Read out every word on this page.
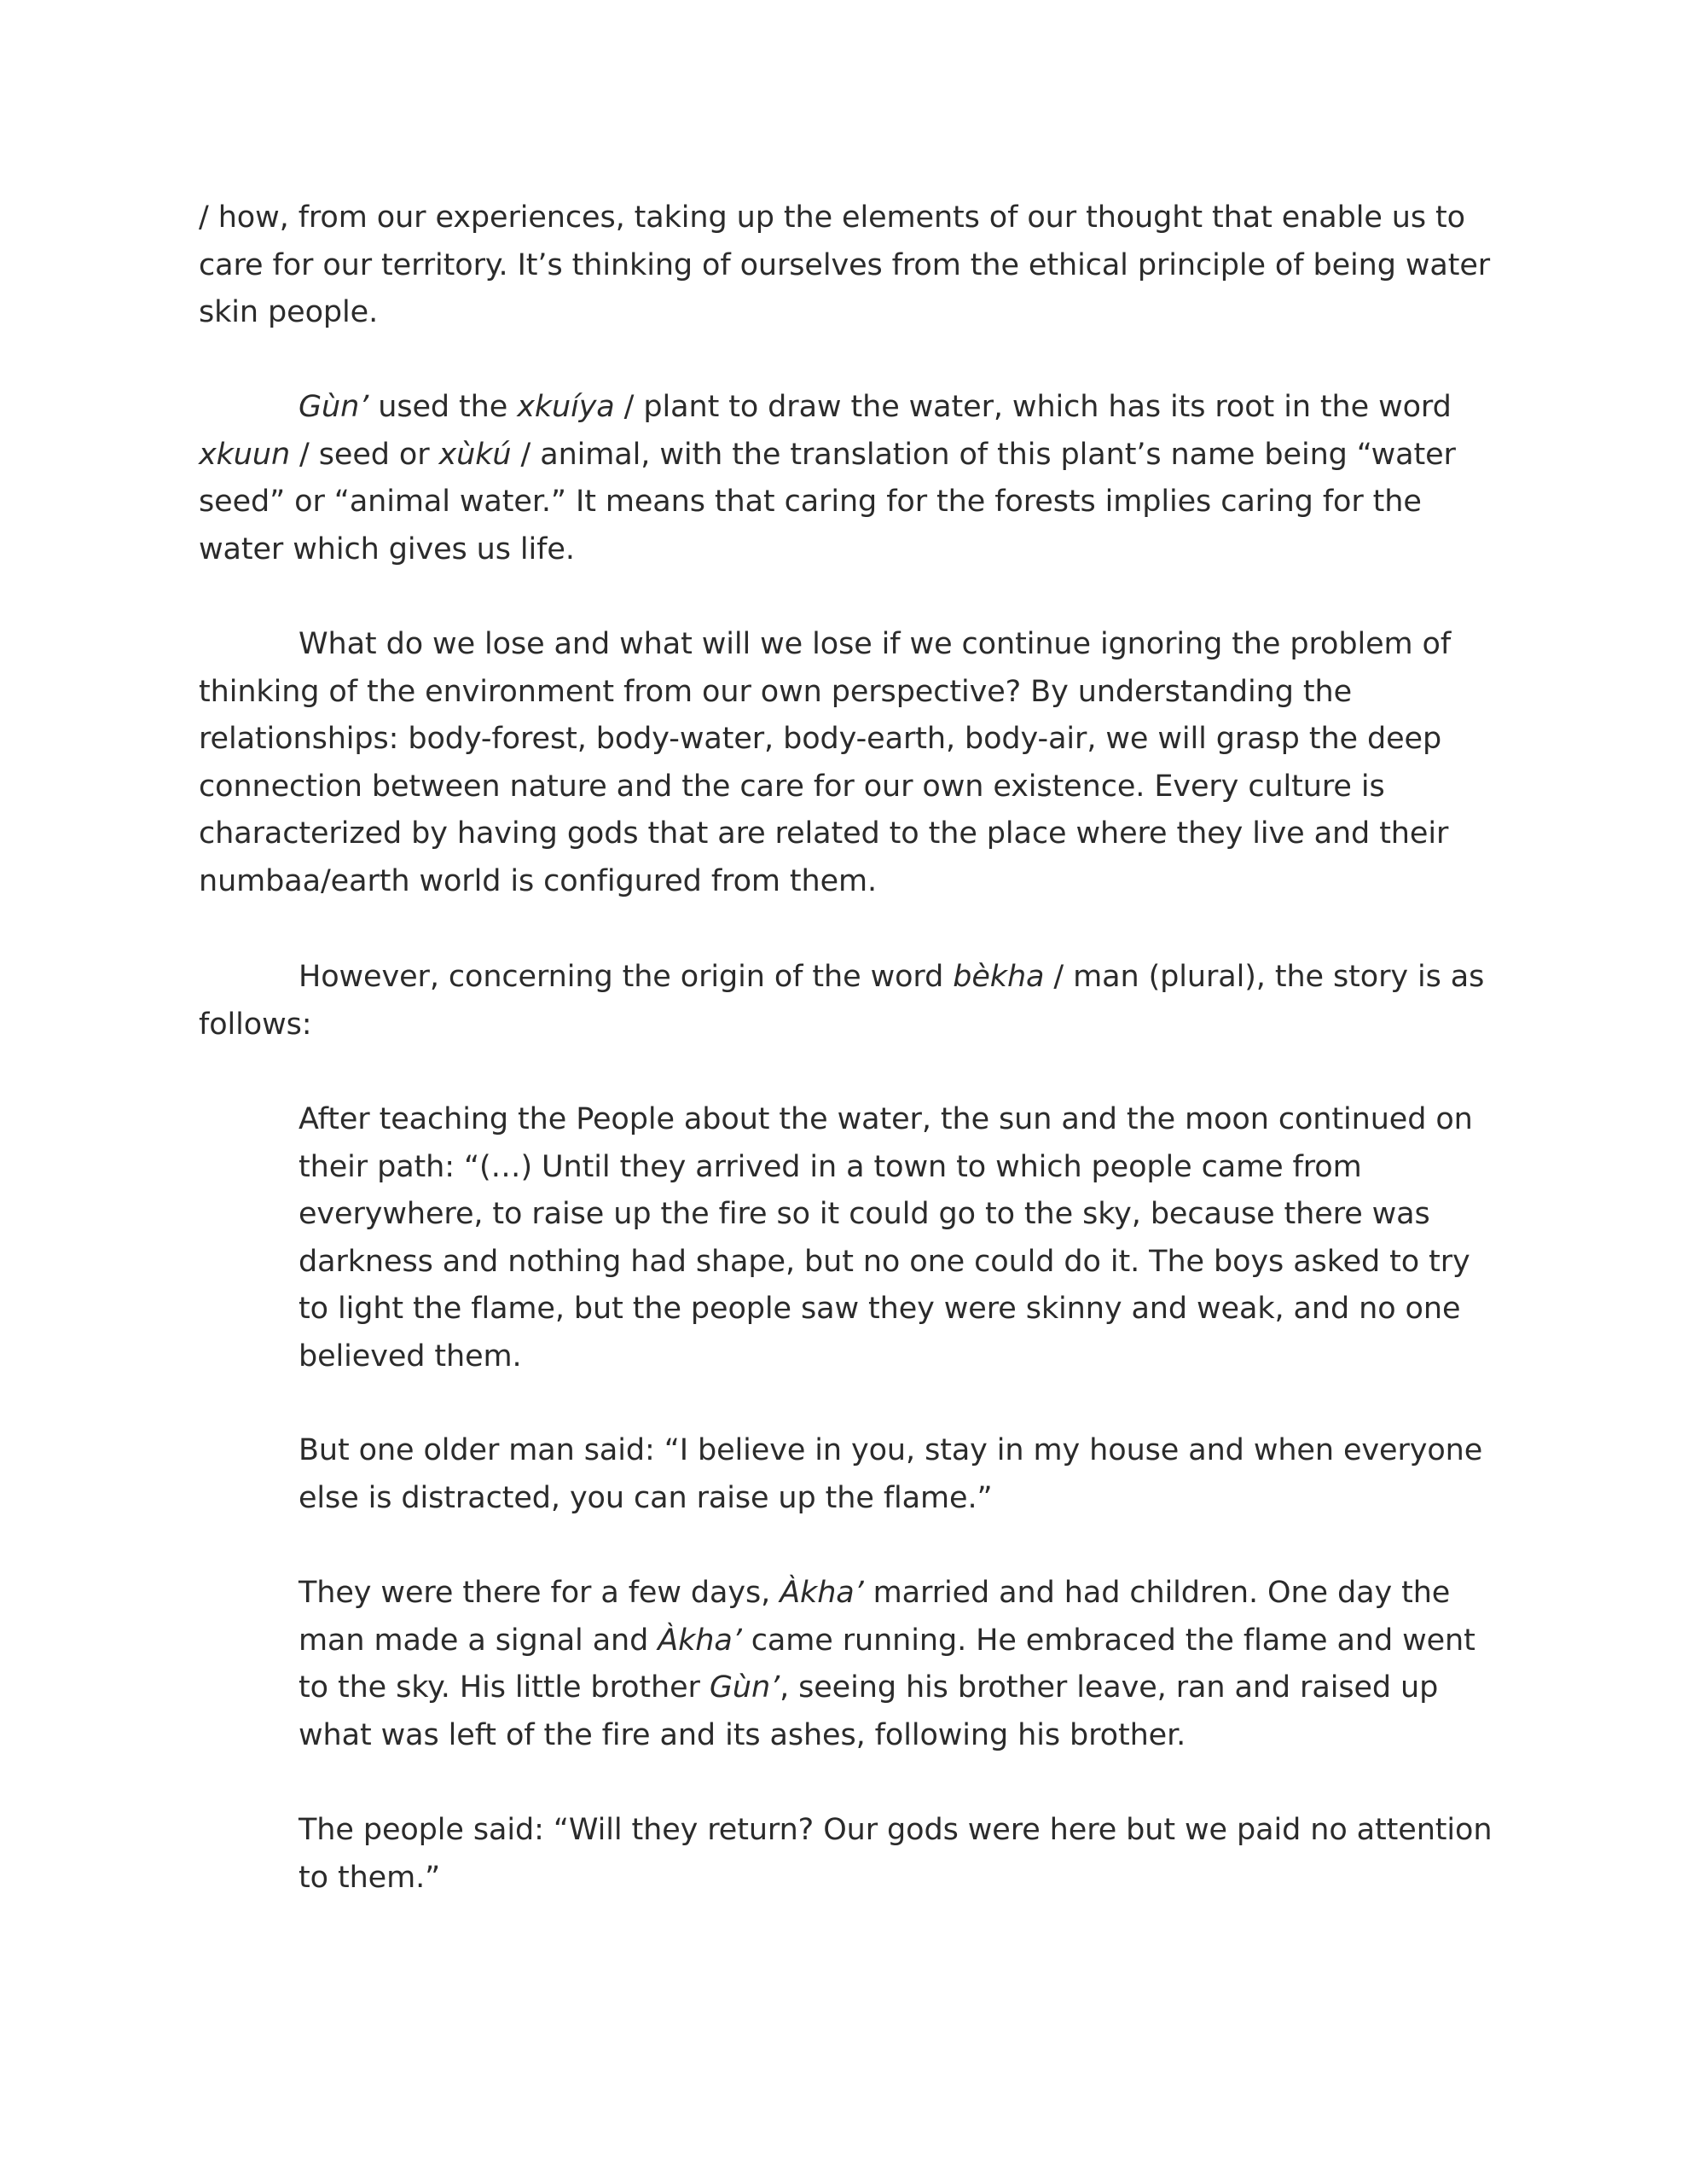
/ how, from our experiences, taking up the elements of our thought that enable us to care for our territory. It’s thinking of ourselves from the ethical principle of being water skin people.

Gùn’ used the xkuíya / plant to draw the water, which has its root in the word xkuun / seed or xùkú / animal, with the translation of this plant’s name being “water seed” or “animal water.” It means that caring for the forests implies caring for the water which gives us life.

What do we lose and what will we lose if we continue ignoring the problem of thinking of the environment from our own perspective? By understanding the relationships: body-forest, body-water, body-earth, body-air, we will grasp the deep connection between nature and the care for our own existence. Every culture is characterized by having gods that are related to the place where they live and their numbaa/earth world is configured from them.

However, concerning the origin of the word bèkha / man (plural), the story is as follows:

After teaching the People about the water, the sun and the moon continued on their path: “(…) Until they arrived in a town to which people came from everywhere, to raise up the fire so it could go to the sky, because there was darkness and nothing had shape, but no one could do it. The boys asked to try to light the flame, but the people saw they were skinny and weak, and no one believed them.

But one older man said: “I believe in you, stay in my house and when everyone else is distracted, you can raise up the flame.”

They were there for a few days, Àkha’ married and had children. One day the man made a signal and Àkha’ came running. He embraced the flame and went to the sky. His little brother Gùn’, seeing his brother leave, ran and raised up what was left of the fire and its ashes, following his brother.

The people said: “Will they return? Our gods were here but we paid no attention to them.”
